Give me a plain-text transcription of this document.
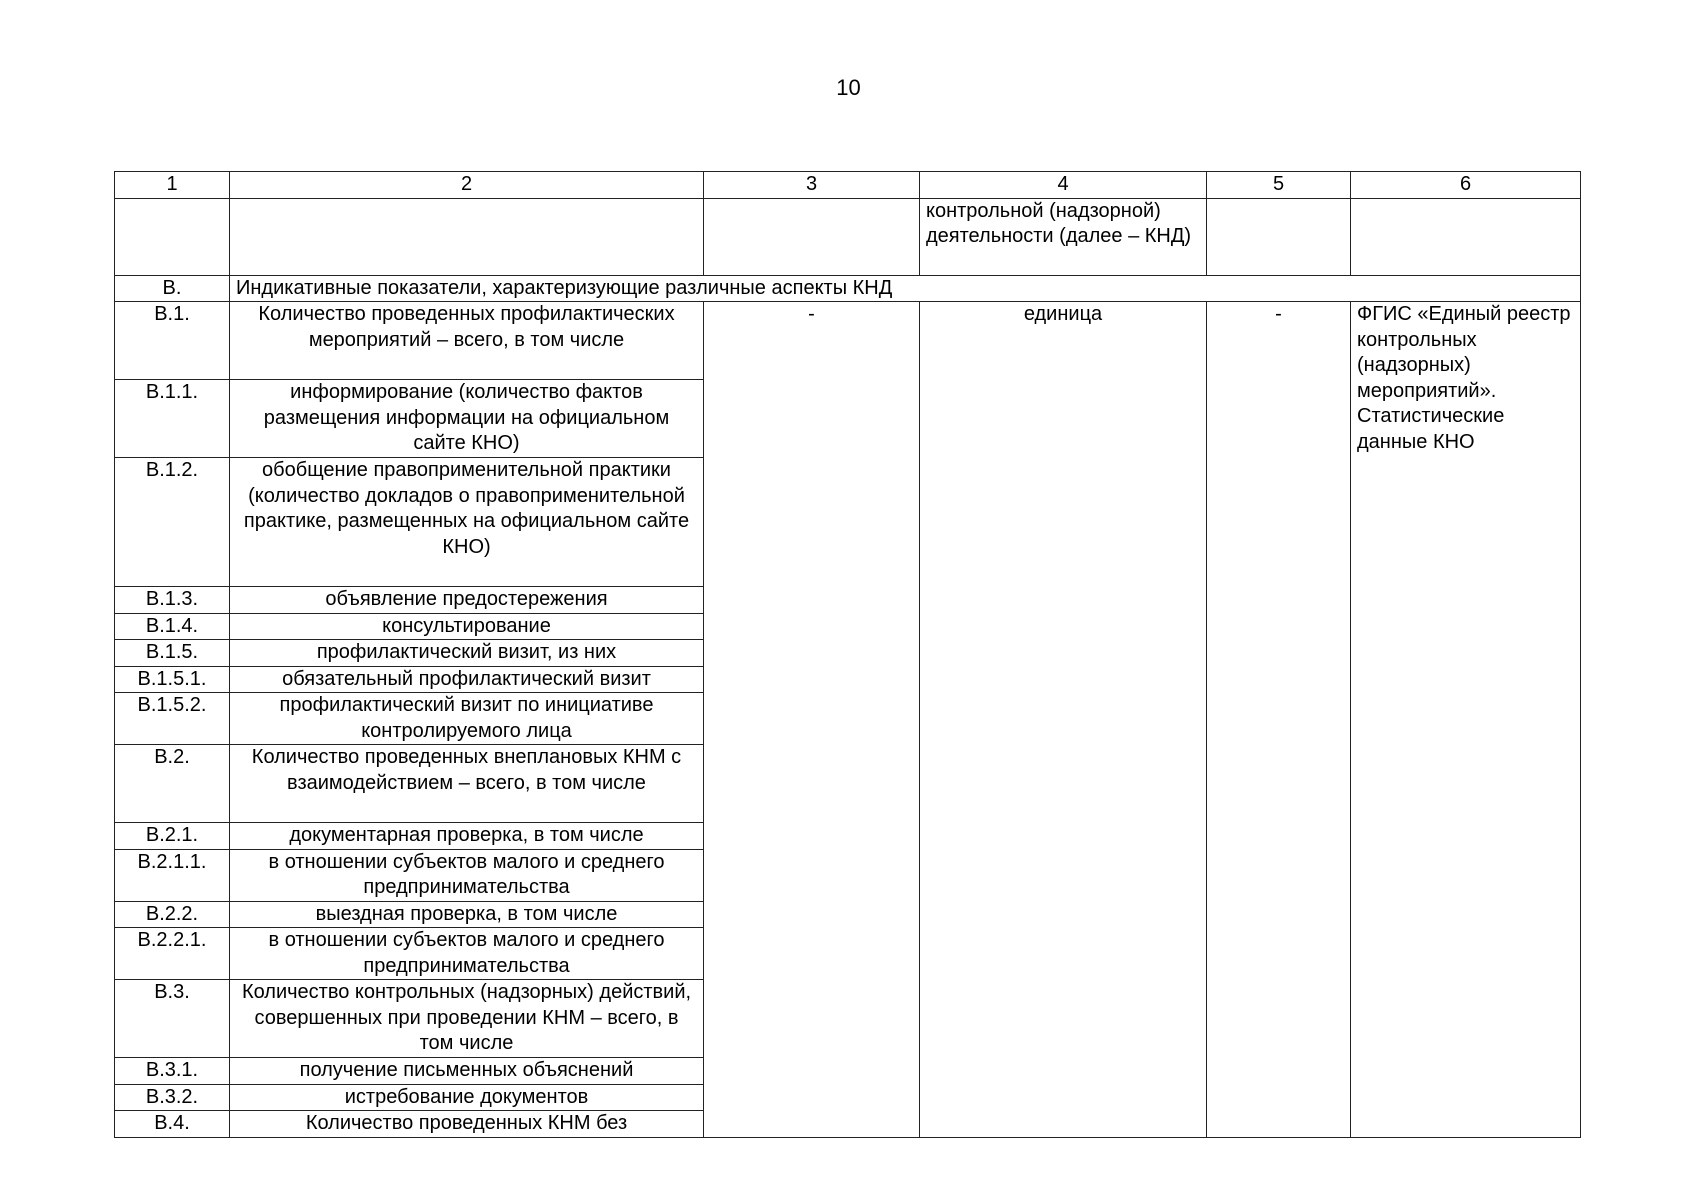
10
1	2	3	4	5	6
			контрольной (надзорной) деятельности (далее – КНД)		
В.	Индикативные показатели, характеризующие различные аспекты КНД				
В.1.	Количество проведенных профилактических мероприятий – всего, в том числе	-	единица	-	ФГИС «Единый реестр контрольных (надзорных) мероприятий». Статистические данные КНО
В.1.1.	информирование (количество фактов размещения информации на официальном сайте КНО)				
В.1.2.	обобщение правоприменительной практики (количество докладов о правоприменительной практике, размещенных на официальном сайте КНО)				
В.1.3.	объявление предостережения				
В.1.4.	консультирование				
В.1.5.	профилактический визит, из них				
В.1.5.1.	обязательный профилактический визит				
В.1.5.2.	профилактический визит по инициативе контролируемого лица				
В.2.	Количество проведенных внеплановых КНМ с взаимодействием – всего, в том числе				
В.2.1.	документарная проверка, в том числе				
В.2.1.1.	в отношении субъектов малого и среднего предпринимательства				
В.2.2.	выездная проверка, в том числе				
В.2.2.1.	в отношении субъектов малого и среднего предпринимательства				
В.3.	Количество контрольных (надзорных) действий, совершенных при проведении КНМ – всего, в том числе				
В.3.1.	получение письменных объяснений				
В.3.2.	истребование документов				
В.4.	Количество проведенных КНМ без				
